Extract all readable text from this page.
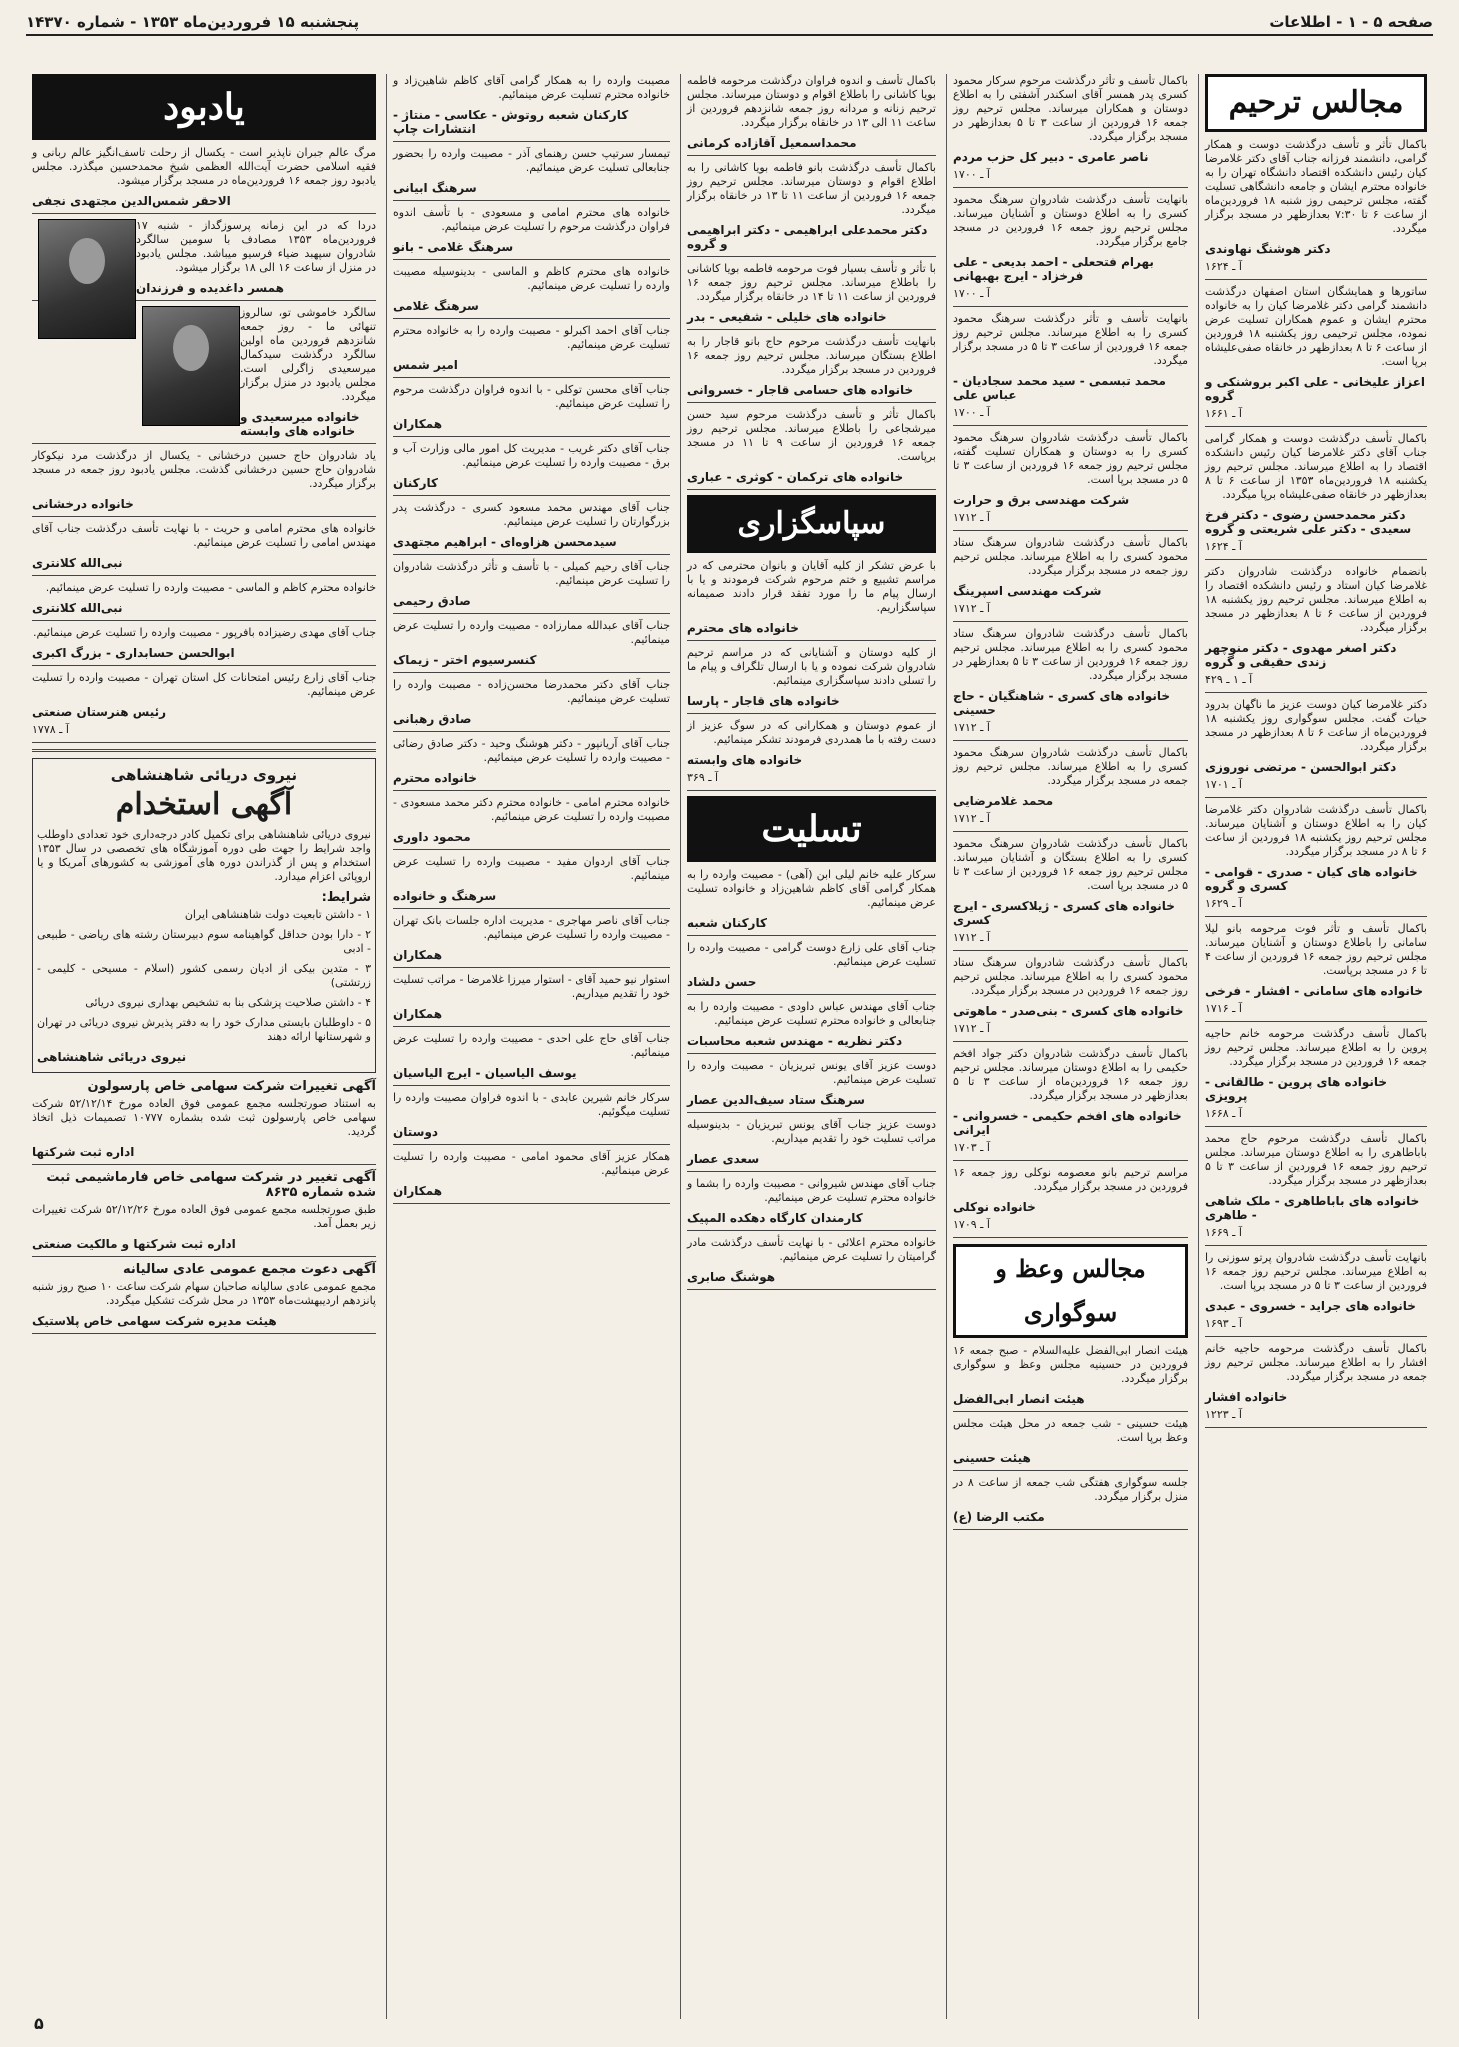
صفحه ۵ - ۱ - اطلاعات
پنجشنبه ۱۵ فروردین‌ماه ۱۳۵۳ - شماره ۱۴۳۷۰
مجالس ترحیم

باکمال تأثر و تأسف درگذشت دوست و همکار گرامی، دانشمند فرزانه جناب آقای دکتر غلامرضا کیان رئیس دانشکده اقتصاد دانشگاه تهران را به خانواده محترم ایشان و جامعه دانشگاهی تسلیت گفته، مجلس ترحیمی روز شنبه ۱۸ فروردین‌ماه از ساعت ۶ تا ۷:۳۰ بعدازظهر در مسجد برگزار میگردد.

دکتر هوشنگ نهاوندی
آ ـ ۱۶۲۴

ساتورها و همایشگان استان اصفهان درگذشت دانشمند گرامی دکتر غلامرضا کیان را به خانواده محترم ایشان و عموم همکاران تسلیت عرض نموده، مجلس ترحیمی روز یکشنبه ۱۸ فروردین از ساعت ۶ تا ۸ بعدازظهر در خانقاه صفی‌علیشاه برپا است.

اعزاز علیخانی - علی اکبر بروشنکی و گروه
آ ـ ۱۶۶۱

باکمال تأسف درگذشت دوست و همکار گرامی جناب آقای دکتر غلامرضا کیان رئیس دانشکده اقتصاد را به اطلاع میرساند. مجلس ترحیم روز یکشنبه ۱۸ فروردین‌ماه ۱۳۵۳ از ساعت ۶ تا ۸ بعدازظهر در خانقاه صفی‌علیشاه برپا میگردد.

دکتر محمدحسن رضوی - دکتر فرخ سعیدی - دکتر علی شریعتی و گروه
آ ـ ۱۶۲۴

بانضمام خانواده درگذشت شادروان دکتر غلامرضا کیان استاد و رئیس دانشکده اقتصاد را به اطلاع میرساند. مجلس ترحیم روز یکشنبه ۱۸ فروردین از ساعت ۶ تا ۸ بعدازظهر در مسجد برگزار میگردد.

دکتر اصغر مهدوی - دکتر منوچهر زندی حقیقی و گروه
آ ـ ۱ ـ ۴۲۹

دکتر غلامرضا کیان دوست عزیز ما ناگهان بدرود حیات گفت. مجلس سوگواری روز یکشنبه ۱۸ فروردین‌ماه از ساعت ۶ تا ۸ بعدازظهر در مسجد برگزار میگردد.

دکتر ابوالحسن - مرتضی نوروزی
آ ـ ۱۷۰۱

باکمال تأسف درگذشت شادروان دکتر غلامرضا کیان را به اطلاع دوستان و آشنایان میرساند. مجلس ترحیم روز یکشنبه ۱۸ فروردین از ساعت ۶ تا ۸ در مسجد برگزار میگردد.

خانواده های کیان - صدری - قوامی - کسری و گروه
آ ـ ۱۶۲۹

باکمال تأسف و تأثر فوت مرحومه بانو لیلا سامانی را باطلاع دوستان و آشنایان میرساند. مجلس ترحیم روز جمعه ۱۶ فروردین از ساعت ۴ تا ۶ در مسجد برپاست.

خانواده های سامانی - افشار - فرخی
آ ـ ۱۷۱۶

باکمال تأسف درگذشت مرحومه خانم حاجیه پروین را به اطلاع میرساند. مجلس ترحیم روز جمعه ۱۶ فروردین در مسجد برگزار میگردد.

خانواده های پروین - طالقانی - پرویزی
آ ـ ۱۶۶۸

باکمال تأسف درگذشت مرحوم حاج محمد باباطاهری را به اطلاع دوستان میرساند. مجلس ترحیم روز جمعه ۱۶ فروردین از ساعت ۳ تا ۵ بعدازظهر در مسجد برگزار میگردد.

خانواده های باباطاهری - ملک شاهی - طاهری
آ ـ ۱۶۶۹

بانهایت تأسف درگذشت شادروان پرتو سوزنی را به اطلاع میرساند. مجلس ترحیم روز جمعه ۱۶ فروردین از ساعت ۳ تا ۵ در مسجد برپا است.

خانواده های جراید - خسروی - عبدی
آ ـ ۱۶۹۳

باکمال تأسف درگذشت مرحومه حاجیه خانم افشار را به اطلاع میرساند. مجلس ترحیم روز جمعه در مسجد برگزار میگردد.

خانواده افشار
آ ـ ۱۲۲۳

باکمال تأسف و تأثر درگذشت مرحوم سرکار محمود کسری پدر همسر آقای اسکندر آشفتی را به اطلاع دوستان و همکاران میرساند. مجلس ترحیم روز جمعه ۱۶ فروردین از ساعت ۳ تا ۵ بعدازظهر در مسجد برگزار میگردد.

ناصر عامری - دبیر کل حزب مردم
آ ـ ۱۷۰۰

بانهایت تأسف درگذشت شادروان سرهنگ محمود کسری را به اطلاع دوستان و آشنایان میرساند. مجلس ترحیم روز جمعه ۱۶ فروردین در مسجد جامع برگزار میگردد.

بهرام فتحعلی - احمد بدیعی - علی فرخزاد - ایرج بهبهانی
آ ـ ۱۷۰۰

بانهایت تأسف و تأثر درگذشت سرهنگ محمود کسری را به اطلاع میرساند. مجلس ترحیم روز جمعه ۱۶ فروردین از ساعت ۳ تا ۵ در مسجد برگزار میگردد.

محمد تبسمی - سید محمد سجادیان - عباس علی
آ ـ ۱۷۰۰

باکمال تأسف درگذشت شادروان سرهنگ محمود کسری را به دوستان و همکاران تسلیت گفته، مجلس ترحیم روز جمعه ۱۶ فروردین از ساعت ۳ تا ۵ در مسجد برپا است.

شرکت مهندسی برق و حرارت
آ ـ ۱۷۱۲

باکمال تأسف درگذشت شادروان سرهنگ ستاد محمود کسری را به اطلاع میرساند. مجلس ترحیم روز جمعه در مسجد برگزار میگردد.

شرکت مهندسی اسپرینگ
آ ـ ۱۷۱۲

باکمال تأسف درگذشت شادروان سرهنگ ستاد محمود کسری را به اطلاع میرساند. مجلس ترحیم روز جمعه ۱۶ فروردین از ساعت ۳ تا ۵ بعدازظهر در مسجد برگزار میگردد.

خانواده های کسری - شاهنگیان - حاج حسینی
آ ـ ۱۷۱۲

باکمال تأسف درگذشت شادروان سرهنگ محمود کسری را به اطلاع میرساند. مجلس ترحیم روز جمعه در مسجد برگزار میگردد.

محمد غلامرضایی
آ ـ ۱۷۱۲

باکمال تأسف درگذشت شادروان سرهنگ محمود کسری را به اطلاع بستگان و آشنایان میرساند. مجلس ترحیم روز جمعه ۱۶ فروردین از ساعت ۳ تا ۵ در مسجد برپا است.

خانواده های کسری - ژیلاکسری - ایرج کسری
آ ـ ۱۷۱۲

باکمال تأسف درگذشت شادروان سرهنگ ستاد محمود کسری را به اطلاع میرساند. مجلس ترحیم روز جمعه ۱۶ فروردین در مسجد برگزار میگردد.

خانواده های کسری - بنی‌صدر - ماهوتی
آ ـ ۱۷۱۲

باکمال تأسف درگذشت شادروان دکتر جواد افخم حکیمی را به اطلاع دوستان میرساند. مجلس ترحیم روز جمعه ۱۶ فروردین‌ماه از ساعت ۳ تا ۵ بعدازظهر در مسجد برگزار میگردد.

خانواده های افخم حکیمی - خسروانی - ایرانی
آ ـ ۱۷۰۳

مراسم ترحیم بانو معصومه نوکلی روز جمعه ۱۶ فروردین در مسجد برگزار میگردد.

خانواده نوکلی
آ ـ ۱۷۰۹
مجالس وعظ و سوگواری

هیئت انصار ابی‌الفضل علیه‌السلام - صبح جمعه ۱۶ فروردین در حسینیه مجلس وعظ و سوگواری برگزار میگردد.

هیئت انصار ابی‌الفضل

هیئت حسینی - شب جمعه در محل هیئت مجلس وعظ برپا است.

هیئت حسینی

جلسه سوگواری هفتگی شب جمعه از ساعت ۸ در منزل برگزار میگردد.

مکتب الرضا (ع)

باکمال تأسف و اندوه فراوان درگذشت مرحومه فاطمه بویا کاشانی را باطلاع اقوام و دوستان میرساند. مجلس ترحیم زنانه و مردانه روز جمعه شانزدهم فروردین از ساعت ۱۱ الی ۱۳ در خانقاه برگزار میگردد.

محمداسمعیل آقازاده کرمانی

باکمال تأسف درگذشت بانو فاطمه بویا کاشانی را به اطلاع اقوام و دوستان میرساند. مجلس ترحیم روز جمعه ۱۶ فروردین از ساعت ۱۱ تا ۱۳ در خانقاه برگزار میگردد.

دکتر محمدعلی ابراهیمی - دکتر ابراهیمی و گروه

با تأثر و تأسف بسیار فوت مرحومه فاطمه بویا کاشانی را باطلاع میرساند. مجلس ترحیم روز جمعه ۱۶ فروردین از ساعت ۱۱ تا ۱۴ در خانقاه برگزار میگردد.

خانواده های خلیلی - شفیعی - بدر

بانهایت تأسف درگذشت مرحوم حاج بانو قاجار را به اطلاع بستگان میرساند. مجلس ترحیم روز جمعه ۱۶ فروردین در مسجد برگزار میگردد.

خانواده های حسامی قاجار - خسروانی

باکمال تأثر و تأسف درگذشت مرحوم سید حسن میرشجاعی را باطلاع میرساند. مجلس ترحیم روز جمعه ۱۶ فروردین از ساعت ۹ تا ۱۱ در مسجد برپاست.

خانواده های ترکمان - کوثری - عباری
سپاسگزاری

با عرض تشکر از کلیه آقایان و بانوان محترمی که در مراسم تشییع و ختم مرحوم شرکت فرمودند و یا با ارسال پیام ما را مورد تفقد قرار دادند صمیمانه سپاسگزاریم.

خانواده های محترم

از کلیه دوستان و آشنایانی که در مراسم ترحیم شادروان شرکت نموده و یا با ارسال تلگراف و پیام ما را تسلی دادند سپاسگزاری مینمائیم.

خانواده های قاجار - پارسا

از عموم دوستان و همکارانی که در سوگ عزیز از دست رفته با ما همدردی فرمودند تشکر مینمائیم.

خانواده های وابسته
آ ـ ۳۶۹
تسلیت

سرکار علیه خانم لیلی ابن (آهی) - مصیبت وارده را به همکار گرامی آقای کاظم شاهین‌زاد و خانواده تسلیت عرض مینمائیم.

کارکنان شعبه

جناب آقای علی زارع دوست گرامی - مصیبت وارده را تسلیت عرض مینمائیم.

حسن دلشاد

جناب آقای مهندس عباس داودی - مصیبت وارده را به جنابعالی و خانواده محترم تسلیت عرض مینمائیم.

دکتر نظریه - مهندس شعبه محاسبات

دوست عزیز آقای یونس تبریزیان - مصیبت وارده را تسلیت عرض مینمائیم.

سرهنگ ستاد سیف‌الدین عصار

دوست عزیز جناب آقای یونس تبریزیان - بدینوسیله مراتب تسلیت خود را تقدیم میداریم.

سعدی عصار

جناب آقای مهندس شیروانی - مصیبت وارده را بشما و خانواده محترم تسلیت عرض مینمائیم.

کارمندان کارگاه دهکده المپیک

خانواده محترم اعلائی - با نهایت تأسف درگذشت مادر گرامیتان را تسلیت عرض مینمائیم.

هوشنگ صابری

مصیبت وارده را به همکار گرامی آقای کاظم شاهین‌زاد و خانواده محترم تسلیت عرض مینمائیم.

کارکنان شعبه روتوش - عکاسی - منتاژ - انتشارات چاپ

تیمسار سرتیپ حسن رهنمای آذر - مصیبت وارده را بحضور جنابعالی تسلیت عرض مینمائیم.

سرهنگ ابیانی

خانواده های محترم امامی و مسعودی - با تأسف اندوه فراوان درگذشت مرحوم را تسلیت عرض مینمائیم.

سرهنگ غلامی - بانو

خانواده های محترم کاظم و الماسی - بدینوسیله مصیبت وارده را تسلیت عرض مینمائیم.

سرهنگ غلامی

جناب آقای احمد اکبرلو - مصیبت وارده را به خانواده محترم تسلیت عرض مینمائیم.

امیر شمس

جناب آقای محسن توکلی - با اندوه فراوان درگذشت مرحوم را تسلیت عرض مینمائیم.

همکاران

جناب آقای دکتر غریب - مدیریت کل امور مالی وزارت آب و برق - مصیبت وارده را تسلیت عرض مینمائیم.

کارکنان

جناب آقای مهندس محمد مسعود کسری - درگذشت پدر بزرگوارتان را تسلیت عرض مینمائیم.

سیدمحسن هزاوه‌ای - ابراهیم مجتهدی

جناب آقای رحیم کمیلی - با تأسف و تأثر درگذشت شادروان را تسلیت عرض مینمائیم.

صادق رحیمی

جناب آقای عبدالله ممارزاده - مصیبت وارده را تسلیت عرض مینمائیم.

کنسرسیوم اختر - زیماک

جناب آقای دکتر محمدرضا محسن‌زاده - مصیبت وارده را تسلیت عرض مینمائیم.

صادق رهبانی

جناب آقای آریانپور - دکتر هوشنگ وحید - دکتر صادق رضائی - مصیبت وارده را تسلیت عرض مینمائیم.

خانواده محترم

خانواده محترم امامی - خانواده محترم دکتر محمد مسعودی - مصیبت وارده را تسلیت عرض مینمائیم.

محمود داوری

جناب آقای اردوان مفید - مصیبت وارده را تسلیت عرض مینمائیم.

سرهنگ و خانواده

جناب آقای ناصر مهاجری - مدیریت اداره جلسات بانک تهران - مصیبت وارده را تسلیت عرض مینمائیم.

همکاران

استوار نیو حمید آقای - استوار میرزا غلامرضا - مراتب تسلیت خود را تقدیم میداریم.

همکاران

جناب آقای حاج علی احدی - مصیبت وارده را تسلیت عرض مینمائیم.

یوسف الیاسیان - ایرج الیاسیان

سرکار خانم شیرین عابدی - با اندوه فراوان مصیبت وارده را تسلیت میگوئیم.

دوستان

همکار عزیز آقای محمود امامی - مصیبت وارده را تسلیت عرض مینمائیم.

همکاران
یادبود

مرگ عالم جبران ناپذیر است - یکسال از رحلت تاسف‌انگیز عالم ربانی و فقیه اسلامی حضرت آیت‌الله العظمی شیخ محمدحسین میگذرد. مجلس یادبود روز جمعه ۱۶ فروردین‌ماه در مسجد برگزار میشود.

الاحقر شمس‌الدین مجتهدی نجفی

دردا که در این زمانه پرسوزگداز - شنبه ۱۷ فروردین‌ماه ۱۳۵۳ مصادف با سومین سالگرد شادروان سپهبد ضیاء فرسیو میباشد. مجلس یادبود در منزل از ساعت ۱۶ الی ۱۸ برگزار میشود.

همسر داغدیده و فرزندان

سالگرد خاموشی تو، سالروز تنهائی ما - روز جمعه شانزدهم فروردین ماه اولین سالگرد درگذشت سیدکمال میرسعیدی زاگرلی است. مجلس یادبود در منزل برگزار میگردد.

خانواده میرسعیدی و خانواده های وابسته

یاد شادروان حاج حسین درخشانی - یکسال از درگذشت مرد نیکوکار شادروان حاج حسین درخشانی گذشت. مجلس یادبود روز جمعه در مسجد برگزار میگردد.

خانواده درخشانی

خانواده های محترم امامی و حریت - با نهایت تأسف درگذشت جناب آقای مهندس امامی را تسلیت عرض مینمائیم.

نبی‌الله کلانتری

خانواده محترم کاظم و الماسی - مصیبت وارده را تسلیت عرض مینمائیم.

نبی‌الله کلانتری

جناب آقای مهدی رضیزاده بافرپور - مصیبت وارده را تسلیت عرض مینمائیم.

ابوالحسن حسابداری - بزرگ اکبری

جناب آقای زارع رئیس امتحانات کل استان تهران - مصیبت وارده را تسلیت عرض مینمائیم.

رئیس هنرستان صنعتی
آ ـ ۱۷۷۸
نیروی دریائی شاهنشاهی
آگهی استخدام

نیروی دریائی شاهنشاهی برای تکمیل کادر درجه‌داری خود تعدادی داوطلب واجد شرایط را جهت طی دوره آموزشگاه های تخصصی در سال ۱۳۵۳ استخدام و پس از گذراندن دوره های آموزشی به کشورهای آمریکا و یا اروپائی اعزام میدارد.

شرایط:

۱ - داشتن تابعیت دولت شاهنشاهی ایران

۲ - دارا بودن حداقل گواهینامه سوم دبیرستان رشته های ریاضی - طبیعی - ادبی

۳ - متدین بیکی از ادیان رسمی کشور (اسلام - مسیحی - کلیمی - زرتشتی)

۴ - داشتن صلاحیت پزشکی بنا به تشخیص بهداری نیروی دریائی

۵ - داوطلبان بایستی مدارک خود را به دفتر پذیرش نیروی دریائی در تهران و شهرستانها ارائه دهند

نیروی دریائی شاهنشاهی
آگهی تغییرات شرکت سهامی خاص پارسولون

به استناد صورتجلسه مجمع عمومی فوق العاده مورخ ۵۲/۱۲/۱۴ شرکت سهامی خاص پارسولون ثبت شده بشماره ۱۰۷۷۷ تصمیمات ذیل اتخاذ گردید.

اداره ثبت شرکتها
آگهی تغییر در شرکت سهامی خاص فارماشیمی ثبت شده شماره ۸۶۳۵

طبق صورتجلسه مجمع عمومی فوق العاده مورخ ۵۲/۱۲/۲۶ شرکت تغییرات زیر بعمل آمد.

اداره ثبت شرکتها و مالکیت صنعتی
آگهی دعوت مجمع عمومی عادی سالیانه

مجمع عمومی عادی سالیانه صاحبان سهام شرکت ساعت ۱۰ صبح روز شنبه پانزدهم اردیبهشت‌ماه ۱۳۵۳ در محل شرکت تشکیل میگردد.

هیئت مدیره شرکت سهامی خاص پلاستیک
۵
